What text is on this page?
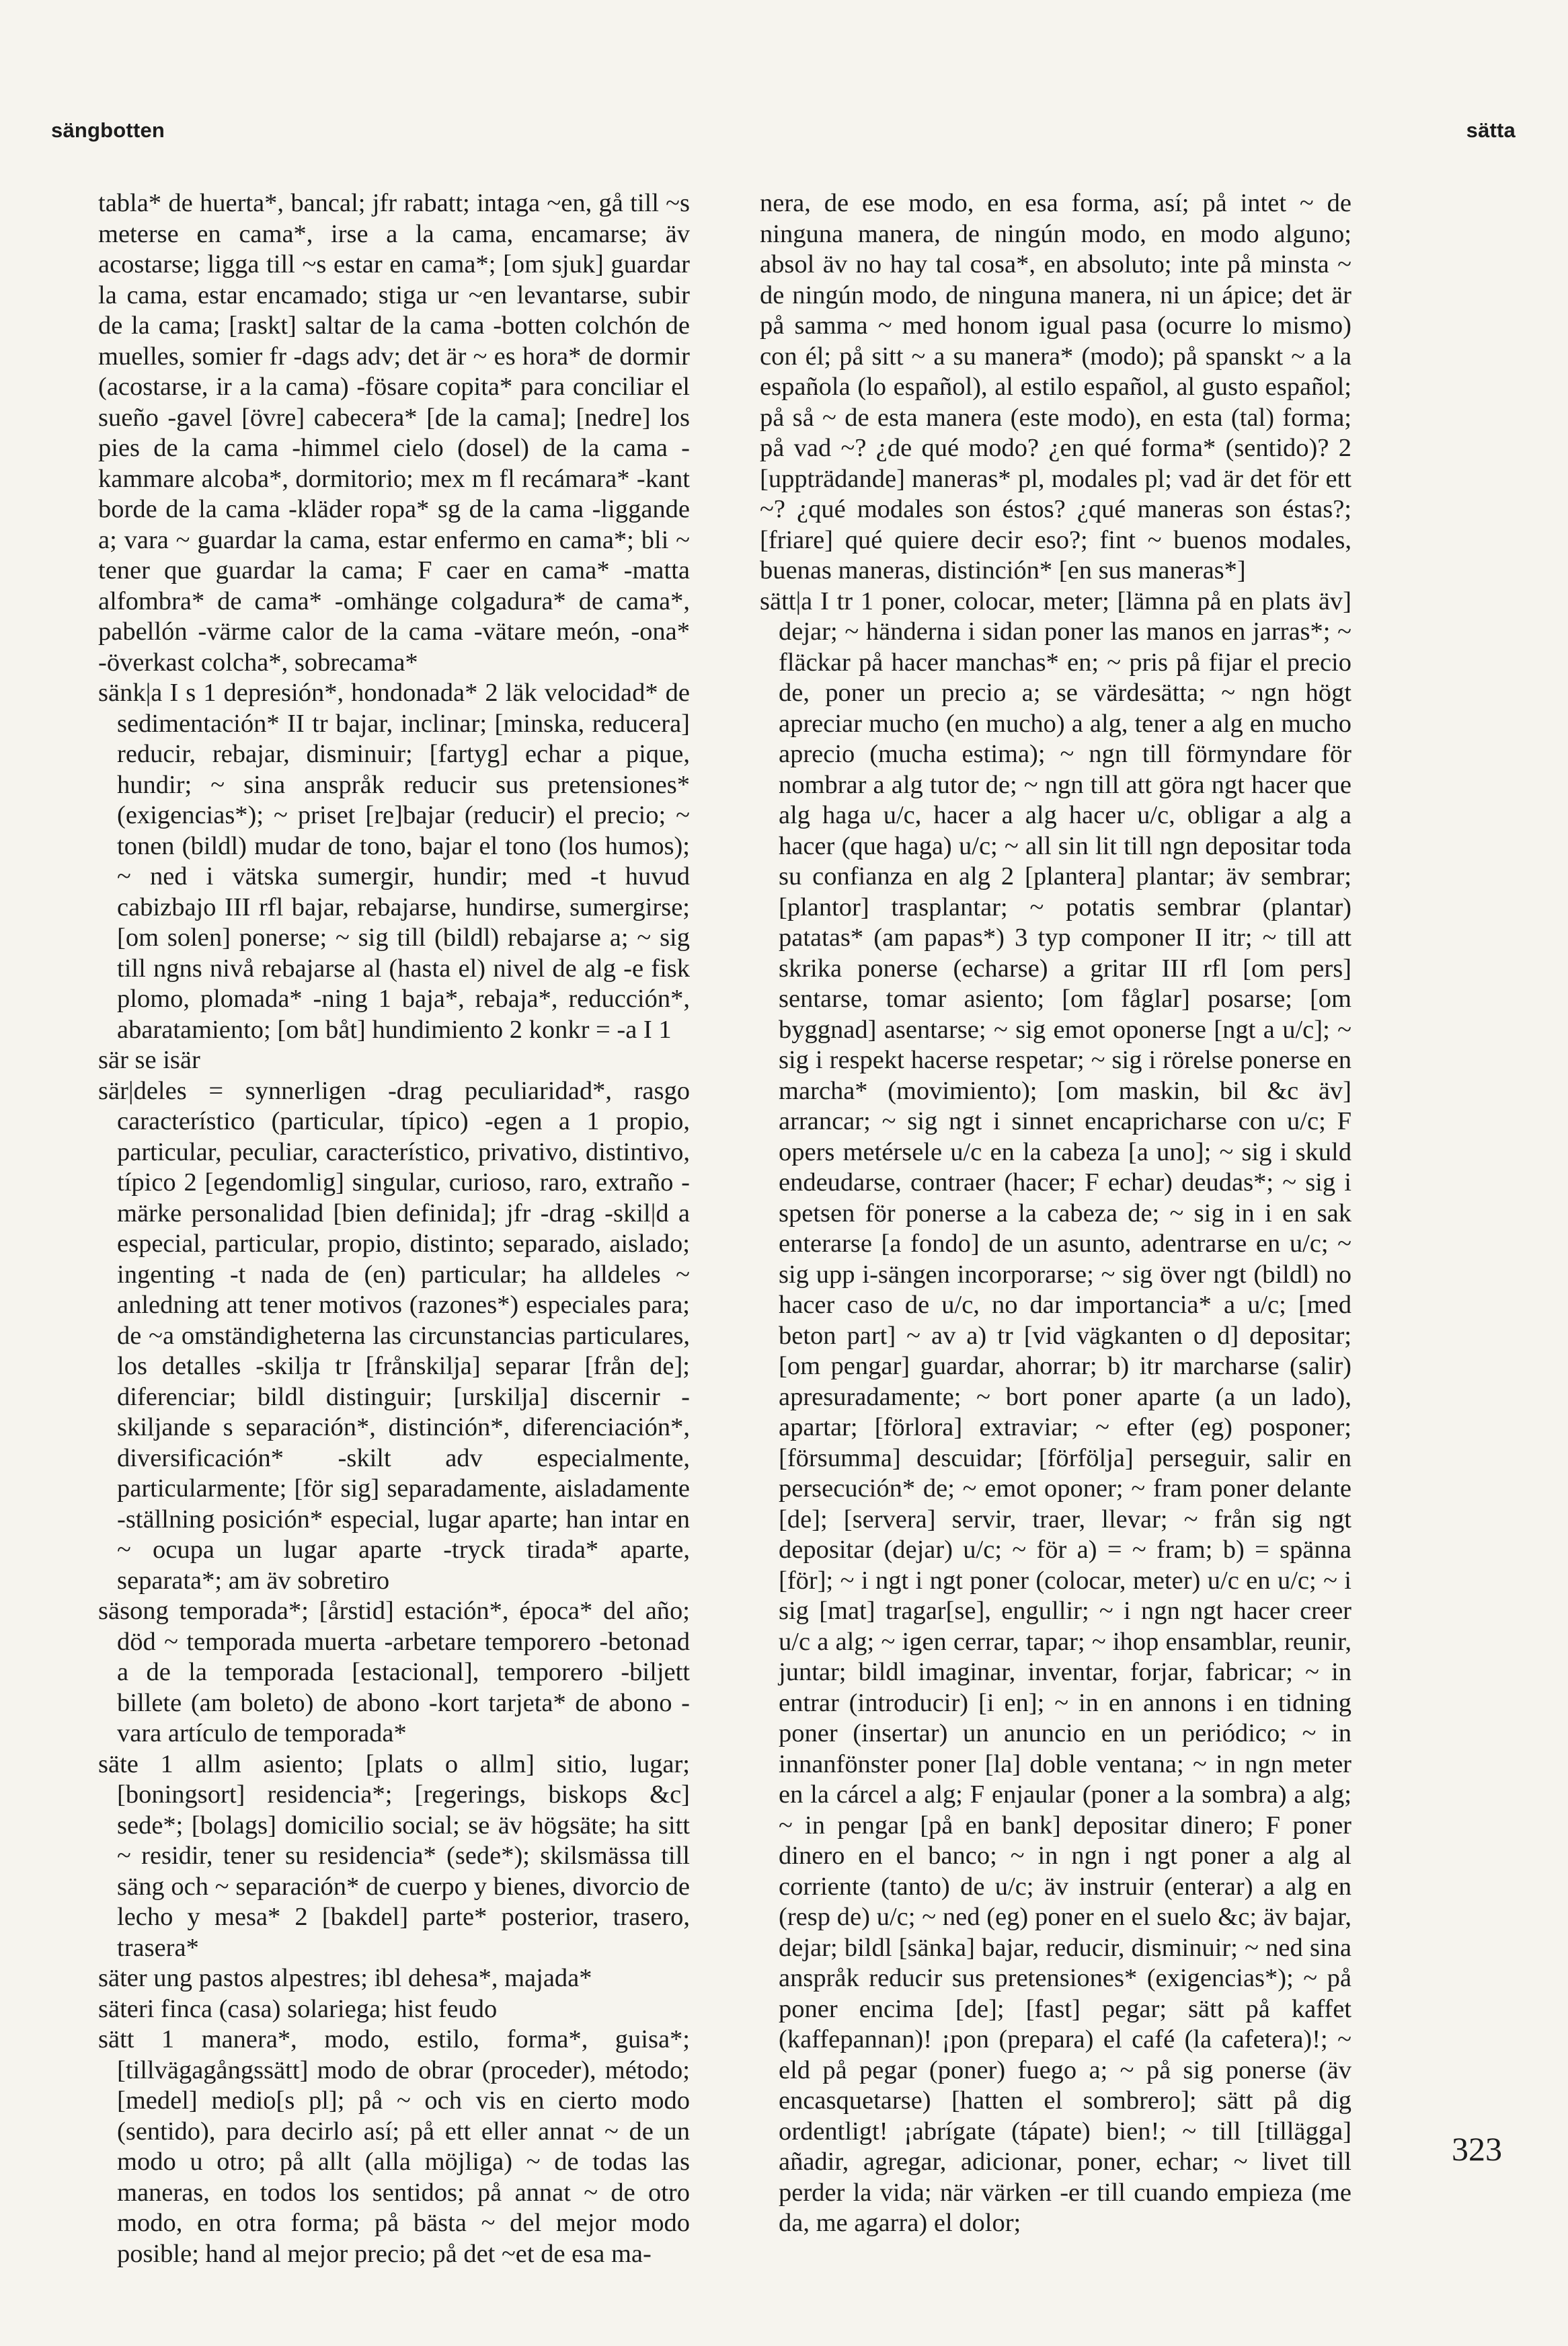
sängbotten	sätta

tabla* de huerta*, bancal; jfr rabatt; intaga ~en, gå till ~s meterse en cama*, irse a la cama, encamarse; äv acostarse; ligga till ~s estar en cama*; [om sjuk] guardar la cama, estar encamado; stiga ur ~en levantarse, subir de la cama; [raskt] saltar de la cama -botten colchón de muelles, somier fr -dags adv; det är ~ es hora* de dormir (acostarse, ir a la cama) -fösare copita* para conciliar el sueño -gavel [övre] cabecera* [de la cama]; [nedre] los pies de la cama -himmel cielo (dosel) de la cama -kammare alcoba*, dormitorio; mex m fl recámara* -kant borde de la cama -kläder ropa* sg de la cama -liggande a; vara ~ guardar la cama, estar enfermo en cama*; bli ~ tener que guardar la cama; F caer en cama* -matta alfombra* de cama* -omhänge colgadura* de cama*, pabellón -värme calor de la cama -vätare meón, -ona* -överkast colcha*, sobrecama*

sänk|a I s 1 depresión*, hondonada* 2 läk velocidad* de sedimentación* II tr bajar, inclinar; [minska, reducera] reducir, rebajar, disminuir; [fartyg] echar a pique, hundir; ~ sina anspråk reducir sus pretensiones* (exigencias*); ~ priset [re]bajar (reducir) el precio; ~ tonen (bildl) mudar de tono, bajar el tono (los humos); ~ ned i vätska sumergir, hundir; med -t huvud cabizbajo III rfl bajar, rebajarse, hundirse, sumergirse; [om solen] ponerse; ~ sig till (bildl) rebajarse a; ~ sig till ngns nivå rebajarse al (hasta el) nivel de alg -e fisk plomo, plomada* -ning 1 baja*, rebaja*, reducción*, abaratamiento; [om båt] hundimiento 2 konkr = -a I 1

sär se isär

sär|deles = synnerligen -drag peculiaridad*, rasgo característico (particular, típico) -egen a 1 propio, particular, peculiar, característico, privativo, distintivo, típico 2 [egendomlig] singular, curioso, raro, extraño -märke personalidad [bien definida]; jfr -drag -skil|d a especial, particular, propio, distinto; separado, aislado; ingenting -t nada de (en) particular; ha alldeles ~ anledning att tener motivos (razones*) especiales para; de ~a omständigheterna las circunstancias particulares, los detalles -skilja tr [frånskilja] separar [från de]; diferenciar; bildl distinguir; [urskilja] discernir -skiljande s separación*, distinción*, diferenciación*, diversificación* -skilt adv especialmente, particularmente; [för sig] separadamente, aisladamente -ställning posición* especial, lugar aparte; han intar en ~ ocupa un lugar aparte -tryck tirada* aparte, separata*; am äv sobretiro

säsong temporada*; [årstid] estación*, época* del año; död ~ temporada muerta -arbetare temporero -betonad a de la temporada [estacional], temporero -biljett billete (am boleto) de abono -kort tarjeta* de abono -vara artículo de temporada*

säte 1 allm asiento; [plats o allm] sitio, lugar; [boningsort] residencia*; [regerings, biskops &c] sede*; [bolags] domicilio social; se äv högsäte; ha sitt ~ residir, tener su residencia* (sede*); skilsmässa till säng och ~ separación* de cuerpo y bienes, divorcio de lecho y mesa* 2 [bakdel] parte* posterior, trasero, trasera*

säter ung pastos alpestres; ibl dehesa*, majada*

säteri finca (casa) solariega; hist feudo

sätt 1 manera*, modo, estilo, forma*, guisa*; [tillvägagångssätt] modo de obrar (proceder), método; [medel] medio[s pl]; på ~ och vis en cierto modo (sentido), para decirlo así; på ett eller annat ~ de un modo u otro; på allt (alla möjliga) ~ de todas las maneras, en todos los sentidos; på annat ~ de otro modo, en otra forma; på bästa ~ del mejor modo posible; hand al mejor precio; på det ~et de esa ma-

nera, de ese modo, en esa forma, así; på intet ~ de ninguna manera, de ningún modo, en modo alguno; absol äv no hay tal cosa*, en absoluto; inte på minsta ~ de ningún modo, de ninguna manera, ni un ápice; det är på samma ~ med honom igual pasa (ocurre lo mismo) con él; på sitt ~ a su manera* (modo); på spanskt ~ a la española (lo español), al estilo español, al gusto español; på så ~ de esta manera (este modo), en esta (tal) forma; på vad ~? ¿de qué modo? ¿en qué forma* (sentido)? 2 [uppträdande] maneras* pl, modales pl; vad är det för ett ~? ¿qué modales son éstos? ¿qué maneras son éstas?; [friare] qué quiere decir eso?; fint ~ buenos modales, buenas maneras, distinción* [en sus maneras*]

sätt|a I tr 1 poner, colocar, meter; [lämna på en plats äv] dejar; ~ händerna i sidan poner las manos en jarras*; ~ fläckar på hacer manchas* en; ~ pris på fijar el precio de, poner un precio a; se värdesätta; ~ ngn högt apreciar mucho (en mucho) a alg, tener a alg en mucho aprecio (mucha estima); ~ ngn till förmyndare för nombrar a alg tutor de; ~ ngn till att göra ngt hacer que alg haga u/c, hacer a alg hacer u/c, obligar a alg a hacer (que haga) u/c; ~ all sin lit till ngn depositar toda su confianza en alg 2 [plantera] plantar; äv sembrar; [plantor] trasplantar; ~ potatis sembrar (plantar) patatas* (am papas*) 3 typ componer II itr; ~ till att skrika ponerse (echarse) a gritar III rfl [om pers] sentarse, tomar asiento; [om fåglar] posarse; [om byggnad] asentarse; ~ sig emot oponerse [ngt a u/c]; ~ sig i respekt hacerse respetar; ~ sig i rörelse ponerse en marcha* (movimiento); [om maskin, bil &c äv] arrancar; ~ sig ngt i sinnet encapricharse con u/c; F opers metérsele u/c en la cabeza [a uno]; ~ sig i skuld endeudarse, contraer (hacer; F echar) deudas*; ~ sig i spetsen för ponerse a la cabeza de; ~ sig in i en sak enterarse [a fondo] de un asunto, adentrarse en u/c; ~ sig upp i-sängen incorporarse; ~ sig över ngt (bildl) no hacer caso de u/c, no dar importancia* a u/c; [med beton part] ~ av a) tr [vid vägkanten o d] depositar; [om pengar] guardar, ahorrar; b) itr marcharse (salir) apresuradamente; ~ bort poner aparte (a un lado), apartar; [förlora] extraviar; ~ efter (eg) posponer; [försumma] descuidar; [förfölja] perseguir, salir en persecución* de; ~ emot oponer; ~ fram poner delante [de]; [servera] servir, traer, llevar; ~ från sig ngt depositar (dejar) u/c; ~ för a) = ~ fram; b) = spänna [för]; ~ i ngt i ngt poner (colocar, meter) u/c en u/c; ~ i sig [mat] tragar[se], engullir; ~ i ngn ngt hacer creer u/c a alg; ~ igen cerrar, tapar; ~ ihop ensamblar, reunir, juntar; bildl imaginar, inventar, forjar, fabricar; ~ in entrar (introducir) [i en]; ~ in en annons i en tidning poner (insertar) un anuncio en un periódico; ~ in innanfönster poner [la] doble ventana; ~ in ngn meter en la cárcel a alg; F enjaular (poner a la sombra) a alg; ~ in pengar [på en bank] depositar dinero; F poner dinero en el banco; ~ in ngn i ngt poner a alg al corriente (tanto) de u/c; äv instruir (enterar) a alg en (resp de) u/c; ~ ned (eg) poner en el suelo &c; äv bajar, dejar; bildl [sänka] bajar, reducir, disminuir; ~ ned sina anspråk reducir sus pretensiones* (exigencias*); ~ på poner encima [de]; [fast] pegar; sätt på kaffet (kaffepannan)! ¡pon (prepara) el café (la cafetera)!; ~ eld på pegar (poner) fuego a; ~ på sig ponerse (äv encasquetarse) [hatten el sombrero]; sätt på dig ordentligt! ¡abrígate (tápate) bien!; ~ till [tillägga] añadir, agregar, adicionar, poner, echar; ~ livet till perder la vida; när värken -er till cuando empieza (me da, me agarra) el dolor;

323
